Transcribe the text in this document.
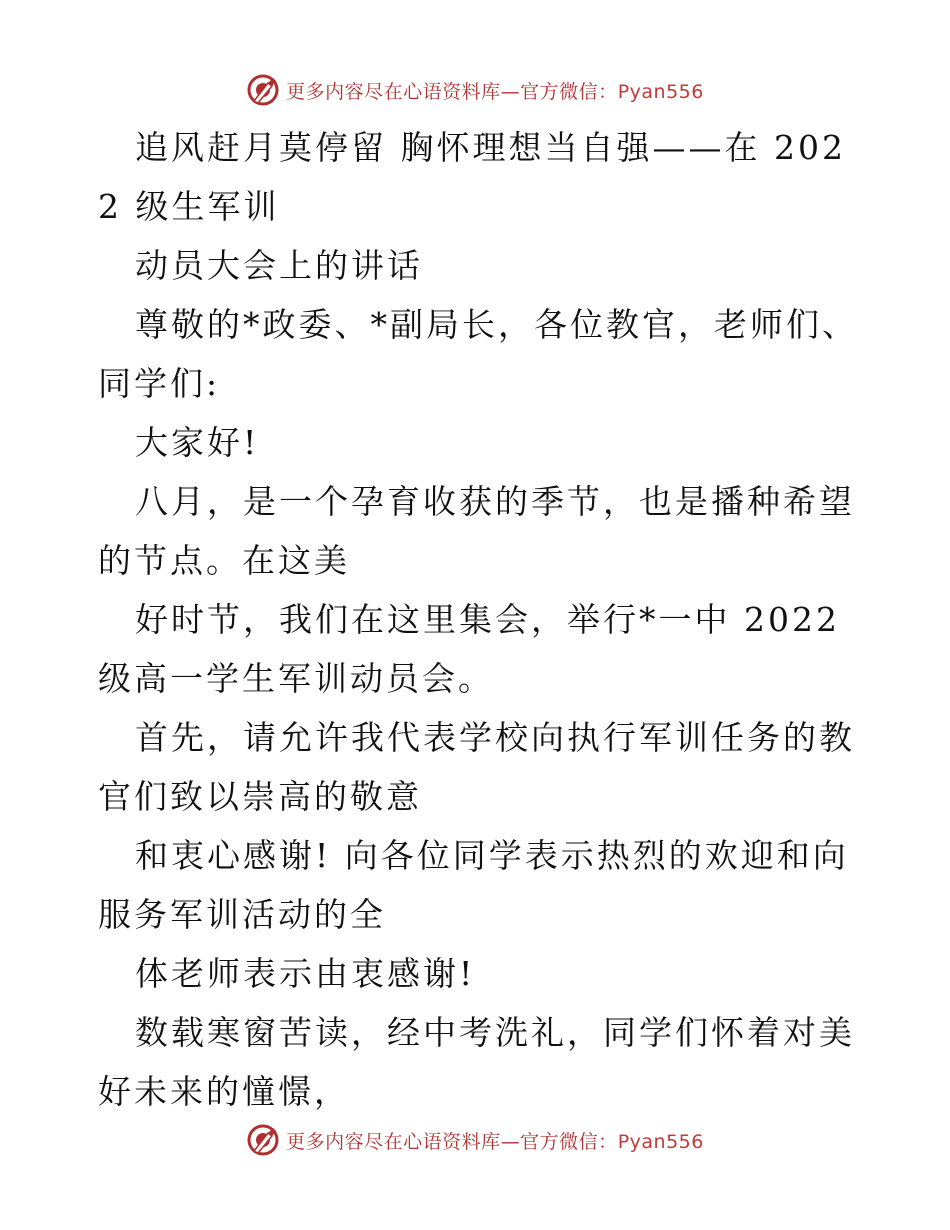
更多内容尽在心语资料库—官方微信：Pyan556

追风赶月莫停留 胸怀理想当自强——在 2022 级生军训

动员大会上的讲话

尊敬的*政委、*副局长，各位教官，老师们、同学们:

大家好!

八月，是一个孕育收获的季节，也是播种希望的节点。在这美

好时节，我们在这里集会，举行*一中 2022 级高一学生军训动员会。

首先，请允许我代表学校向执行军训任务的教官们致以崇高的敬意

和衷心感谢! 向各位同学表示热烈的欢迎和向服务军训活动的全

体老师表示由衷感谢!

数载寒窗苦读，经中考洗礼，同学们怀着对美好未来的憧憬，

更多内容尽在心语资料库—官方微信：Pyan556
